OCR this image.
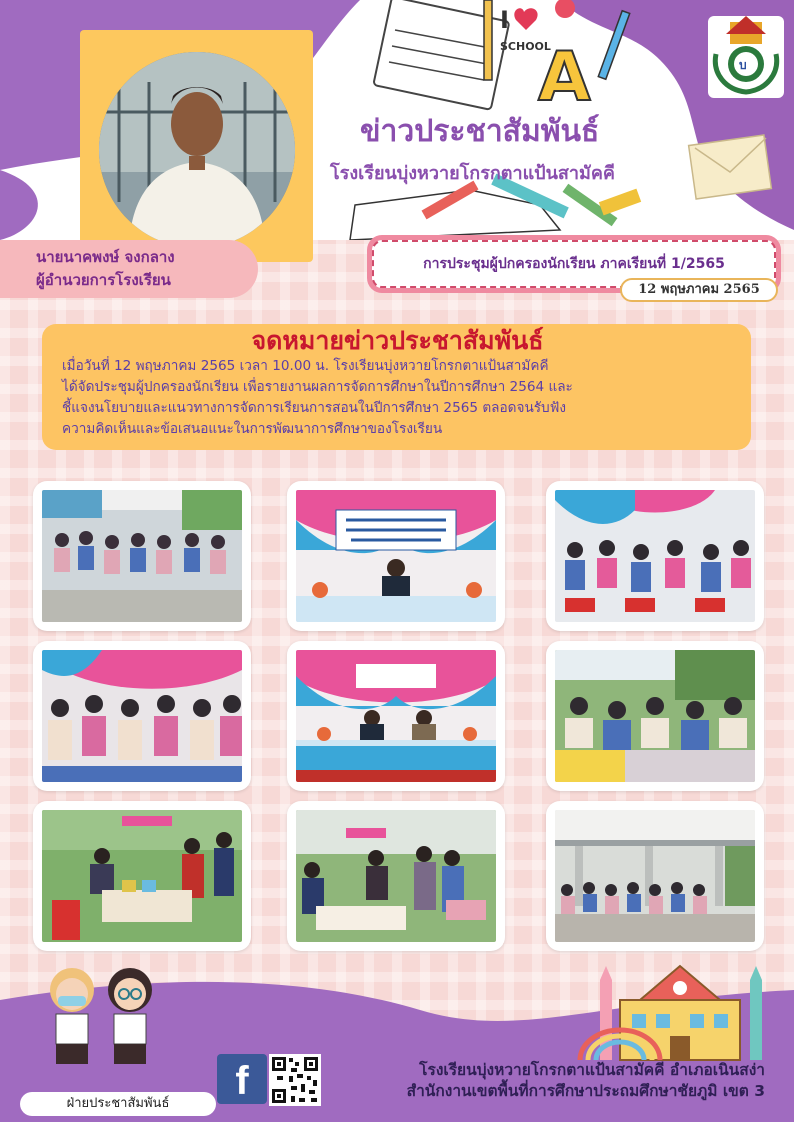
I
SCHOOL
A
นายนาคพงษ์ จงกลาง
ผู้อำนวยการโรงเรียน
บ
ข่าวประชาสัมพันธ์
โรงเรียนบุ่งหวายโกรกตาแป้นสามัคคี
การประชุมผู้ปกครองนักเรียน ภาคเรียนที่ 1/2565
12 พฤษภาคม 2565
จดหมายข่าวประชาสัมพันธ์
เมื่อวันที่ 12 พฤษภาคม 2565 เวลา 10.00 น. โรงเรียนบุ่งหวายโกรกตาแป้นสามัคคี
ได้จัดประชุมผู้ปกครองนักเรียน เพื่อรายงานผลการจัดการศึกษาในปีการศึกษา 2564 และ
ชี้แจงนโยบายและแนวทางการจัดการเรียนการสอนในปีการศึกษา 2565 ตลอดจนรับฟัง
ความคิดเห็นและข้อเสนอแนะในการพัฒนาการศึกษาของโรงเรียน
ฝ่ายประชาสัมพันธ์
f	โรงเรียนบุ่งหวายโกรกตาแป้นสามัคคี อำเภอเนินสง่า
สำนักงานเขตพื้นที่การศึกษาประถมศึกษาชัยภูมิ เขต 3
